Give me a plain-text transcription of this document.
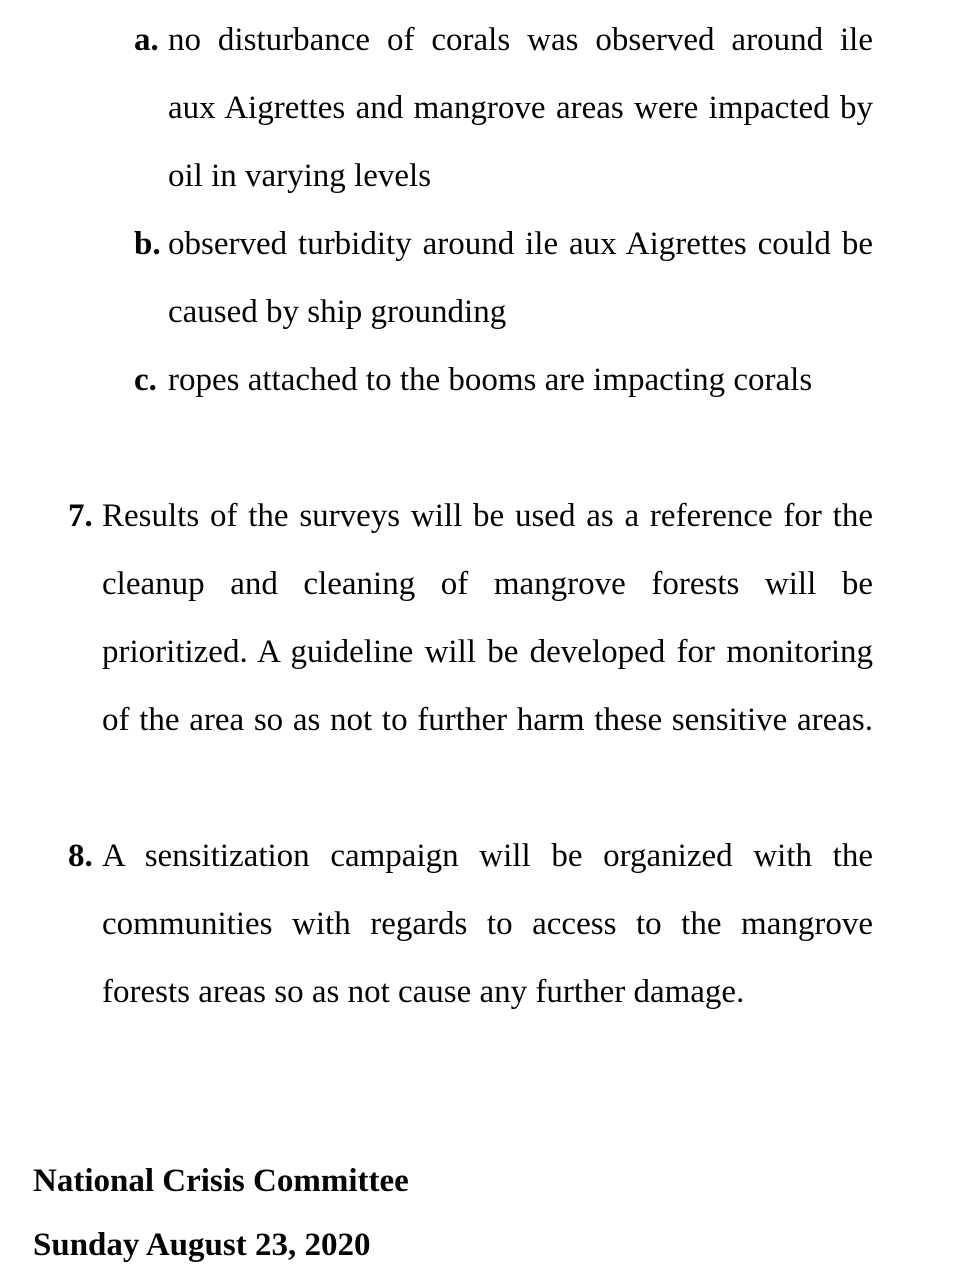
a. no disturbance of corals was observed around ile

aux Aigrettes and mangrove areas were impacted by

oil in varying levels

b. observed turbidity around ile aux Aigrettes could be

caused by ship grounding

c. ropes attached to the booms are impacting corals

7. Results of the surveys will be used as a reference for the

cleanup and cleaning of mangrove forests will be

prioritized. A guideline will be developed for monitoring

of the area so as not to further harm these sensitive areas.

8. A sensitization campaign will be organized with the

communities with regards to access to the mangrove

forests areas so as not cause any further damage.

National Crisis Committee

Sunday August 23, 2020
